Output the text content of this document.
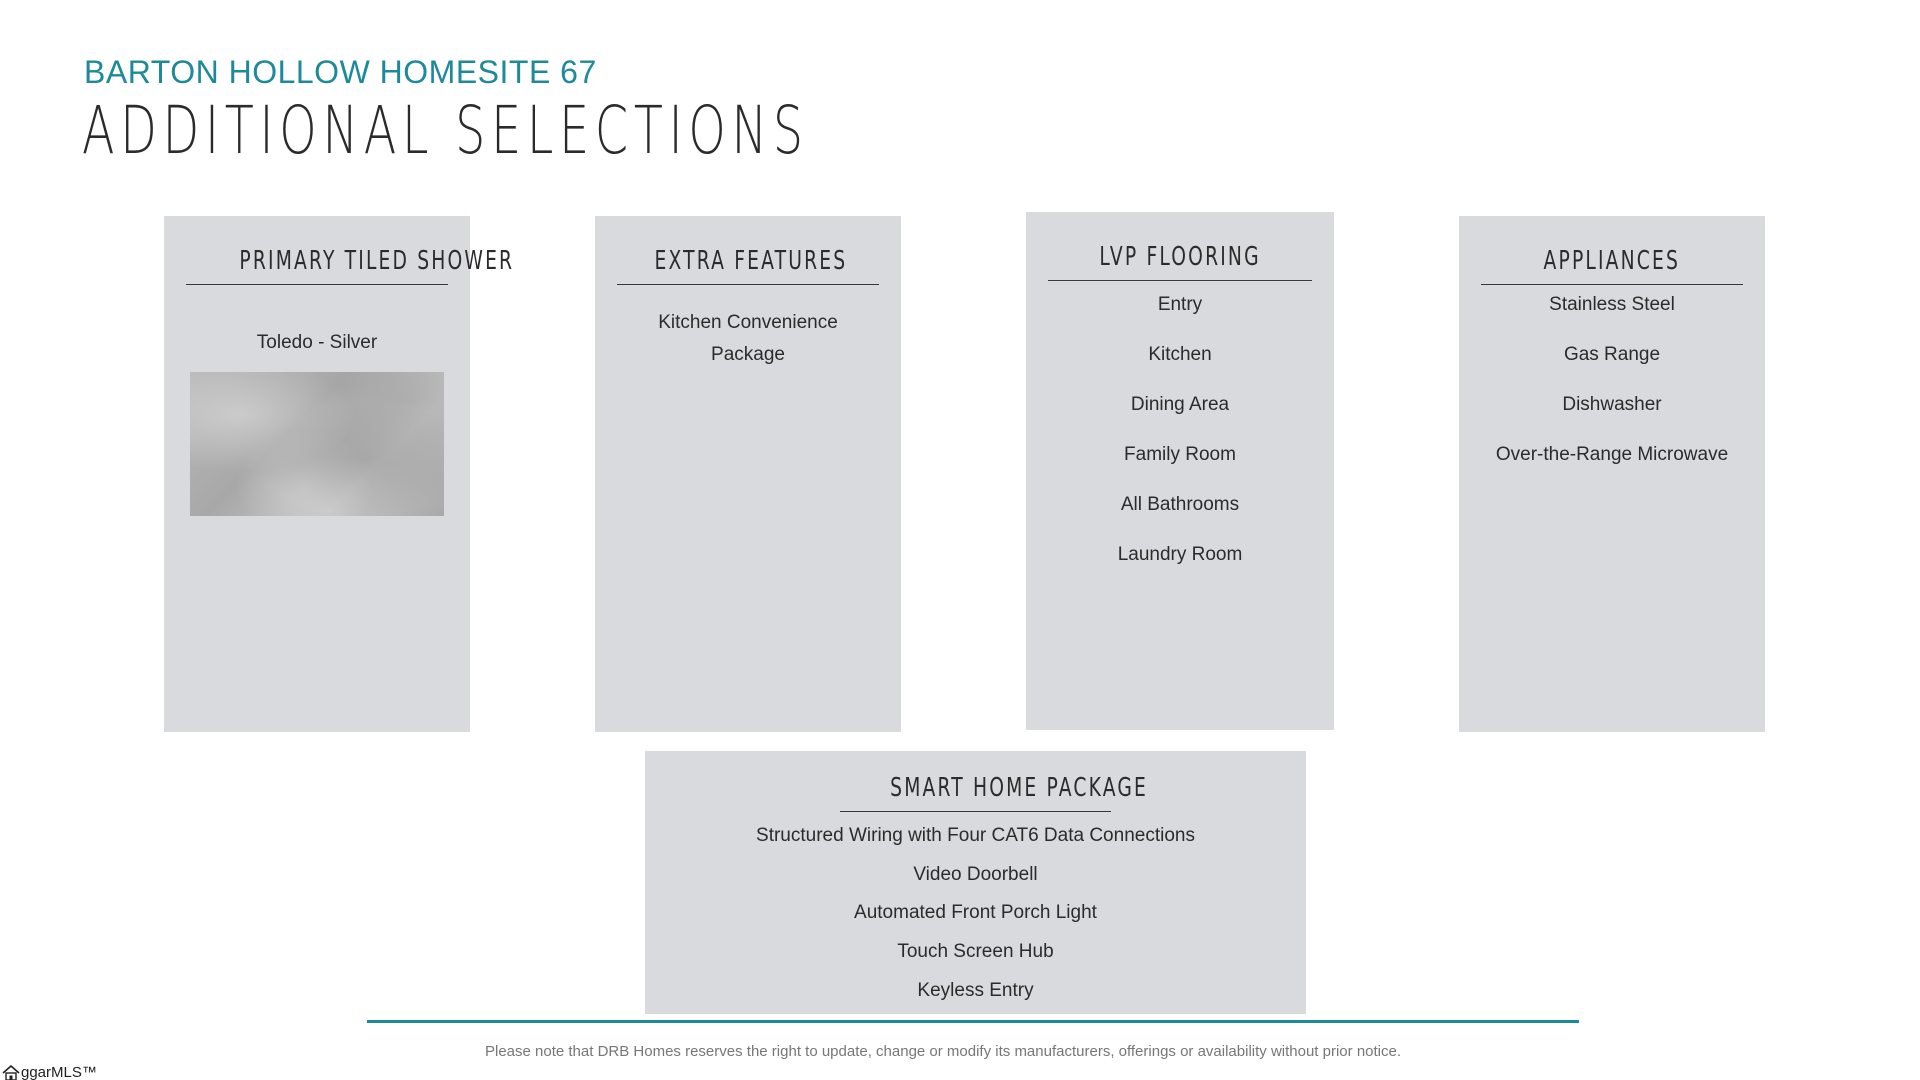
BARTON HOLLOW HOMESITE 67
ADDITIONAL SELECTIONS
PRIMARY TILED SHOWER
Toledo - Silver
EXTRA FEATURES
Kitchen Convenience
Package
LVP FLOORING
Entry
Kitchen
Dining Area
Family Room
All Bathrooms
Laundry Room
APPLIANCES
Stainless Steel
Gas Range
Dishwasher
Over-the-Range Microwave
SMART HOME PACKAGE
Structured Wiring with Four CAT6 Data Connections
Video Doorbell
Automated Front Porch Light
Touch Screen Hub
Keyless Entry
Please note that DRB Homes reserves the right to update, change or modify its manufacturers, offerings or availability without prior notice.
ggarMLS™
